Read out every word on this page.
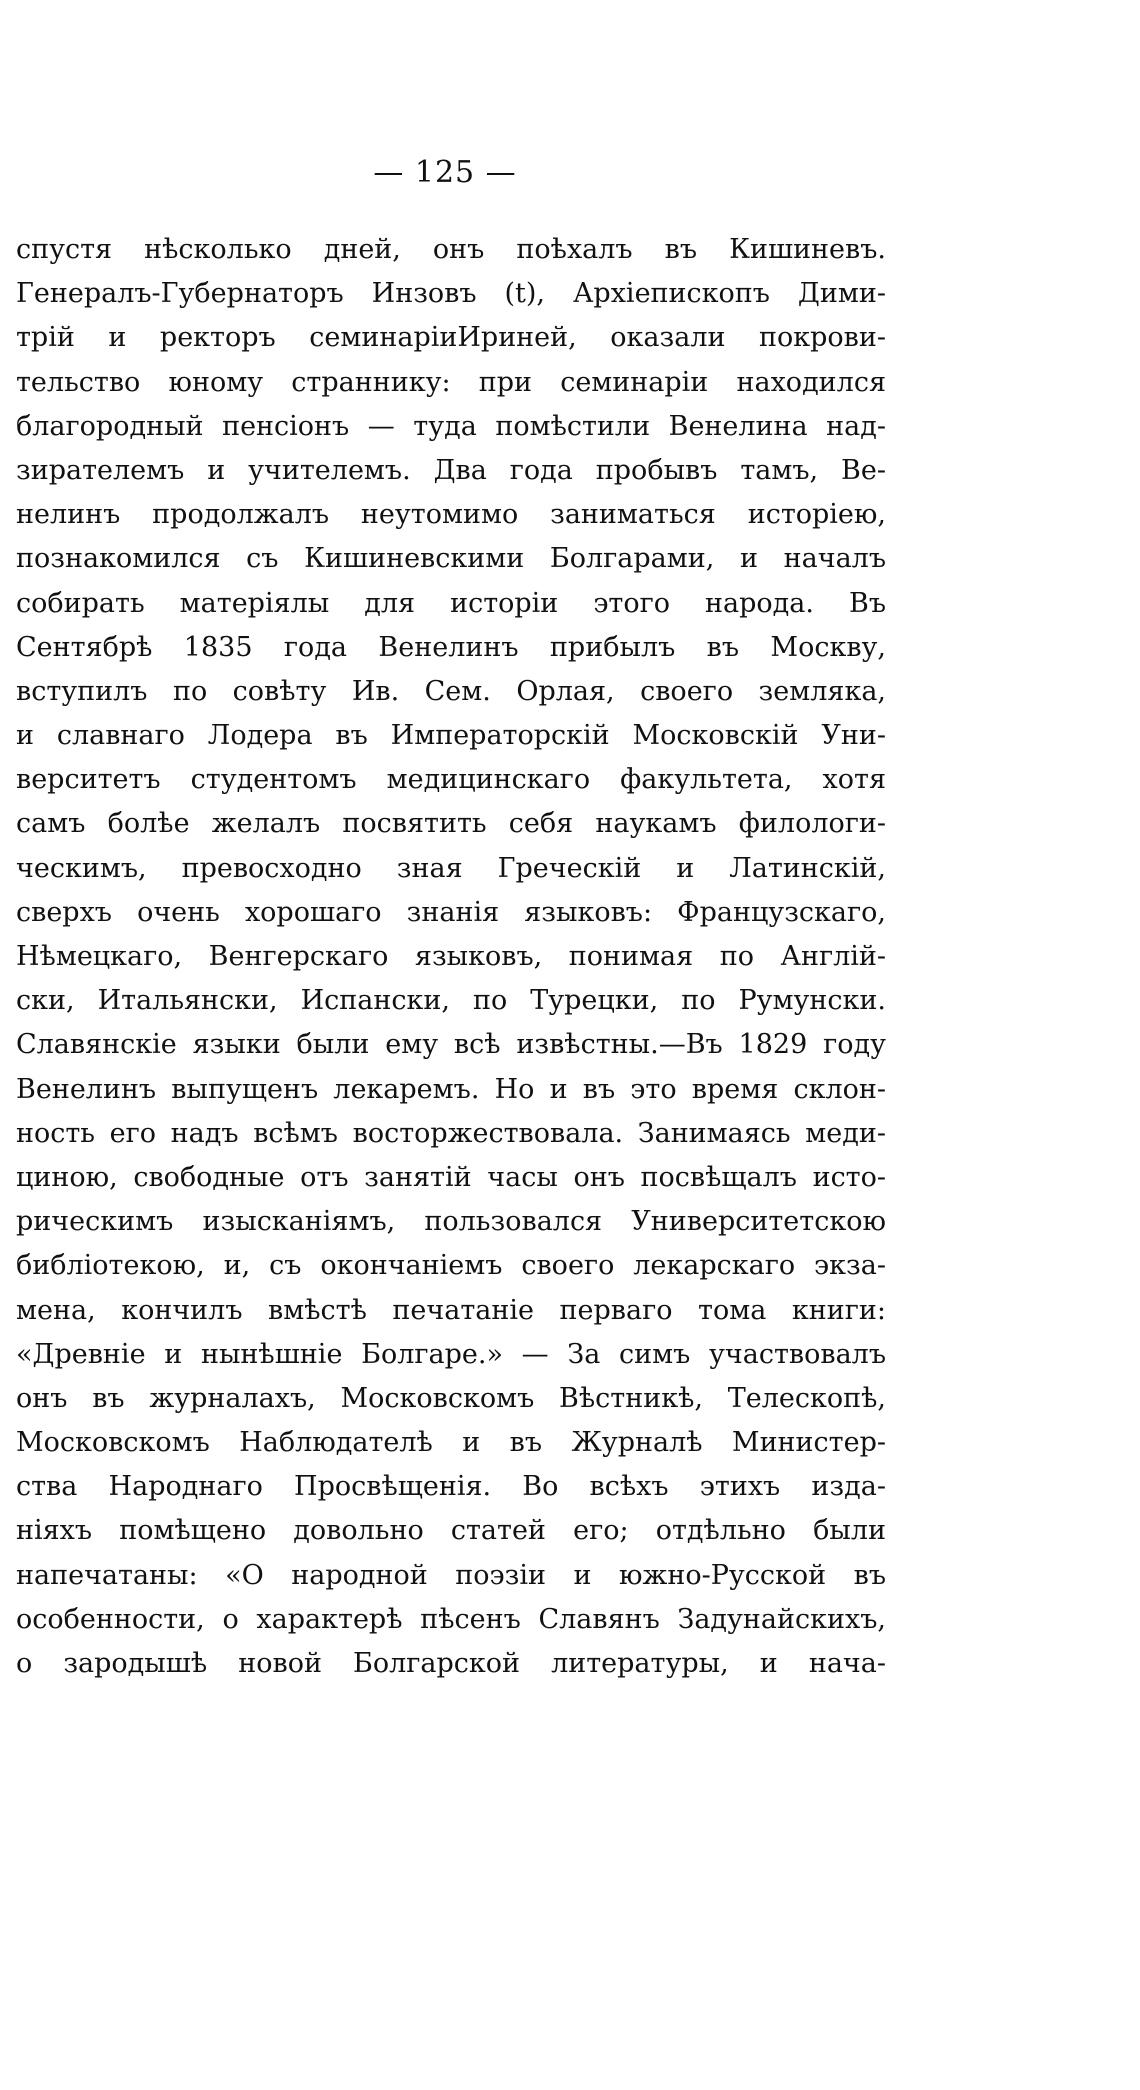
— 125 —
спустя нѣсколько дней, онъ поѣхалъ въ Кишиневъ.
Генералъ-Губернаторъ Инзовъ (t), Архіепископъ Дими-
трій и ректоръ семинаріиИриней, оказали покрови-
тельство юному страннику: при семинаріи находился
благородный пенсіонъ — туда помѣстили Венелина над-
зирателемъ и учителемъ. Два года пробывъ тамъ, Ве-
нелинъ продолжалъ неутомимо заниматься исторіею,
познакомился съ Кишиневскими Болгарами, и началъ
собирать матеріялы для исторіи этого народа. Въ
Сентябрѣ 1835 года Венелинъ прибылъ въ Москву,
вступилъ по совѣту Ив. Сем. Орлая, своего земляка,
и славнаго Лодера въ Императорскій Московскій Уни-
верситетъ студентомъ медицинскаго факультета, хотя
самъ болѣе желалъ посвятить себя наукамъ филологи-
ческимъ, превосходно зная Греческій и Латинскій,
сверхъ очень хорошаго знанія языковъ: Французскаго,
Нѣмецкаго, Венгерскаго языковъ, понимая по Англій-
ски, Итальянски, Испански, по Турецки, по Румунски.
Славянскіе языки были ему всѣ извѣстны.—Въ 1829 году
Венелинъ выпущенъ лекаремъ. Но и въ это время склон-
ность его надъ всѣмъ восторжествовала. Занимаясь меди-
циною, свободные отъ занятій часы онъ посвѣщалъ исто-
рическимъ изысканіямъ, пользовался Университетскою
библіотекою, и, съ окончаніемъ своего лекарскаго экза-
мена, кончилъ вмѣстѣ печатаніе перваго тома книги:
«Древніе и нынѣшніе Болгаре.» — За симъ участвовалъ
онъ въ журналахъ, Московскомъ Вѣстникѣ, Телескопѣ,
Московскомъ Наблюдателѣ и въ Журналѣ Министер-
ства Народнаго Просвѣщенія. Во всѣхъ этихъ изда-
ніяхъ помѣщено довольно статей его; отдѣльно были
напечатаны: «О народной поэзіи и южно-Русской въ
особенности, о характерѣ пѣсенъ Славянъ Задунайскихъ,
о зародышѣ новой Болгарской литературы, и нача-
